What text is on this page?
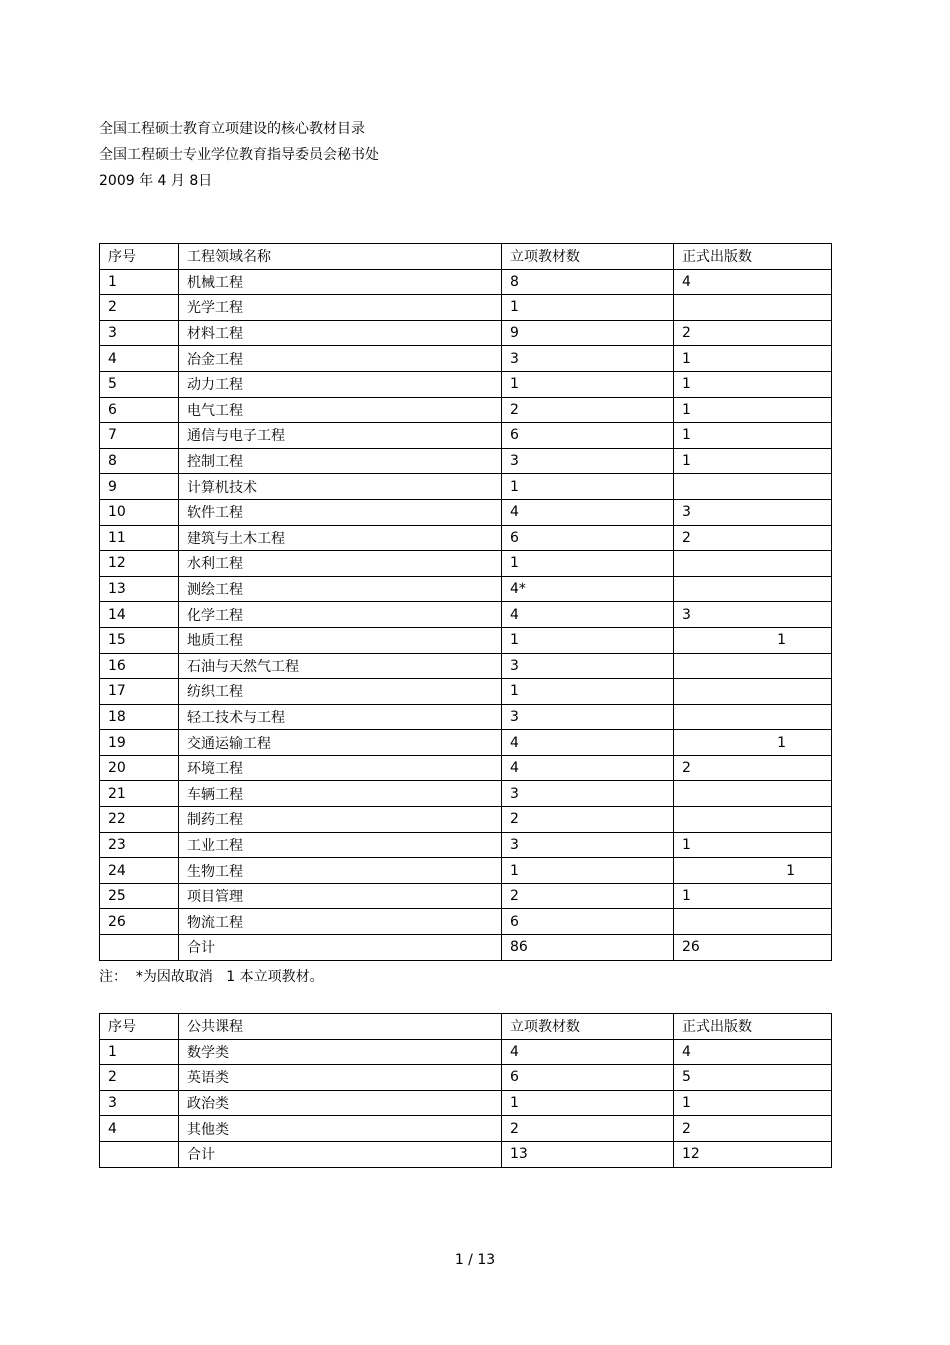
全国工程硕士教育立项建设的核心教材目录
全国工程硕士专业学位教育指导委员会秘书处
2009 年 4 月 8日
序号	工程领域名称	立项教材数	正式出版数
1	机械工程	8	4
2	光学工程	1	
3	材料工程	9	2
4	冶金工程	3	1
5	动力工程	1	1
6	电气工程	2	1
7	通信与电子工程	6	1
8	控制工程	3	1
9	计算机技术	1	
10	软件工程	4	3
11	建筑与土木工程	6	2
12	水利工程	1	
13	测绘工程	4*	
14	化学工程	4	3
15	地质工程	1	1
16	石油与天然气工程	3	
17	纺织工程	1	
18	轻工技术与工程	3	
19	交通运输工程	4	1
20	环境工程	4	2
21	车辆工程	3	
22	制药工程	2	
23	工业工程	3	1
24	生物工程	1	1
25	项目管理	2	1
26	物流工程	6	
	合计	86	26
注：  *为因故取消   1 本立项教材。
序号	公共课程	立项教材数	正式出版数
1	数学类	4	4
2	英语类	6	5
3	政治类	1	1
4	其他类	2	2
	合计	13	12
1 / 13
